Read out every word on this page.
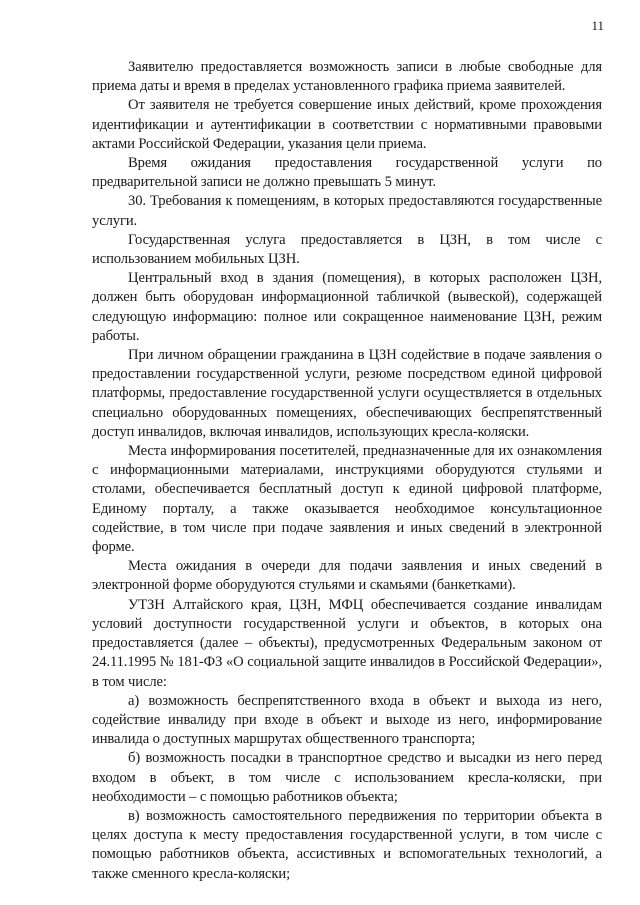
11

Заявителю предоставляется возможность записи в любые свободные для приема даты и время в пределах установленного графика приема заявителей.

От заявителя не требуется совершение иных действий, кроме прохождения идентификации и аутентификации в соответствии с нормативными правовыми актами Российской Федерации, указания цели приема.

Время ожидания предоставления государственной услуги по предварительной записи не должно превышать 5 минут.

30. Требования к помещениям, в которых предоставляются государственные услуги.

Государственная услуга предоставляется в ЦЗН, в том числе с использованием мобильных ЦЗН.

Центральный вход в здания (помещения), в которых расположен ЦЗН, должен быть оборудован информационной табличкой (вывеской), содержащей следующую информацию: полное или сокращенное наименование ЦЗН, режим работы.

При личном обращении гражданина в ЦЗН содействие в подаче заявления о предоставлении государственной услуги, резюме посредством единой цифровой платформы, предоставление государственной услуги осуществляется в отдельных специально оборудованных помещениях, обеспечивающих беспрепятственный доступ инвалидов, включая инвалидов, использующих кресла-коляски.

Места информирования посетителей, предназначенные для их ознакомления с информационными материалами, инструкциями оборудуются стульями и столами, обеспечивается бесплатный доступ к единой цифровой платформе, Единому порталу, а также оказывается необходимое консультационное содействие, в том числе при подаче заявления и иных сведений в электронной форме.

Места ожидания в очереди для подачи заявления и иных сведений в электронной форме оборудуются стульями и скамьями (банкетками).

УТЗН Алтайского края, ЦЗН, МФЦ обеспечивается создание инвалидам условий доступности государственной услуги и объектов, в которых она предоставляется (далее – объекты), предусмотренных Федеральным законом от 24.11.1995 № 181-ФЗ «О социальной защите инвалидов в Российской Федерации», в том числе:

а) возможность беспрепятственного входа в объект и выхода из него, содействие инвалиду при входе в объект и выходе из него, информирование инвалида о доступных маршрутах общественного транспорта;

б) возможность посадки в транспортное средство и высадки из него перед входом в объект, в том числе с использованием кресла-коляски, при необходимости – с помощью работников объекта;

в) возможность самостоятельного передвижения по территории объекта в целях доступа к месту предоставления государственной услуги, в том числе с помощью работников объекта, ассистивных и вспомогательных технологий, а также сменного кресла-коляски;
